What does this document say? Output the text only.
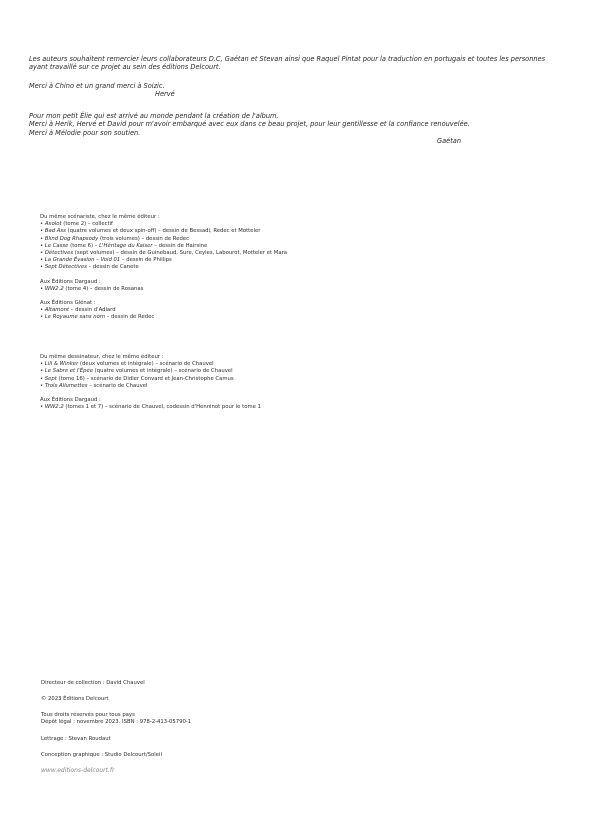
Les auteurs souhaitent remercier leurs collaborateurs D.C, Gaétan et Stevan ainsi que Raquel Pintat pour la traduction en portugais et toutes les personnes
ayant travaillé sur ce projet au sein des éditions Delcourt.
Merci à Chino et un grand merci à Soizic.
Hervé
Pour mon petit Élie qui est arrivé au monde pendant la création de l'album.
Merci à Herik, Hervé et David pour m'avoir embarqué avec eux dans ce beau projet, pour leur gentillesse et la confiance renouvelée.
Merci à Mélodie pour son soutien.
Gaétan
Du même scénariste, chez le même éditeur :
• Axolot (tome 2) – collectif
• Bad Ass (quatre volumes et deux spin-off) – dessin de Bessadi, Redec et Motteler
• Blind Dog Rhapsody (trois volumes) – dessin de Redec
• Le Casse (tome 6) – L'Héritage du Kaiser – dessin de Hairsine
• Détectives (sept volumes) – dessin de Guinebaud, Sure, Ceyles, Labourot, Motteler et Mara
• La Grande Évasion – Void 01 – dessin de Phillips
• Sept Détectives – dessin de Canete
Aux Éditions Dargaud :
• WW2.2 (tome 4) – dessin de Rosanas
Aux Éditions Glénat :
• Altamont – dessin d'Adlard
• Le Royaume sans nom – dessin de Redec
Du même dessinateur, chez le même éditeur :
• Lili & Winker (deux volumes et intégrale) – scénario de Chauvel
• Le Sabre et l'Épée (quatre volumes et intégrale) – scénario de Chauvel
• Sept (tome 16) – scénario de Didier Convard et Jean-Christophe Camus
• Trois Allumettes – scénario de Chauvel
Aux Éditions Dargaud :
• WW2.2 (tomes 1 et 7) – scénario de Chauvel, codessin d'Henninot pour le tome 1
Directeur de collection : David Chauvel
© 2023 Éditions Delcourt
Tous droits réservés pour tous pays
Dépôt légal : novembre 2023. ISBN : 978-2-413-05790-1
Lettrage : Stevan Roudaut
Conception graphique : Studio Delcourt/Soleil
www.editions-delcourt.fr
